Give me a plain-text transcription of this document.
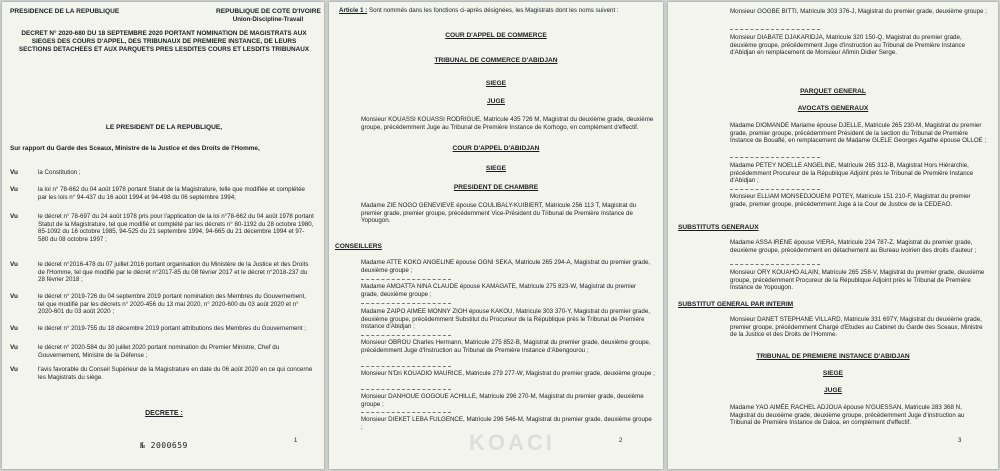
PRESIDENCE DE LA REPUBLIQUE	REPUBLIQUE DE COTE D'IVOIRE
Union-Discipline-Travail
DECRET N° 2020-680 DU 18 SEPTEMBRE 2020 PORTANT NOMINATION DE MAGISTRATS AUX SIEGES DES COURS D'APPEL, DES TRIBUNAUX DE PREMIERE INSTANCE, DE LEURS SECTIONS DETACHEES ET AUX PARQUETS PRES LESDITES COURS ET LESDITS TRIBUNAUX
LE PRESIDENT DE LA REPUBLIQUE,
Sur rapport du Garde des Sceaux, Ministre de la Justice et des Droits de l'Homme,
Vu	la Constitution ;
Vu	la loi n° 78-662 du 04 août 1978 portant Statut de la Magistrature, telle que modifiée et complétée par les lois n° 94-437 du 16 août 1994 et 94-498 du 06 septembre 1994;
Vu	le décret n° 78-697 du 24 août 1978 pris pour l'application de la loi n°78-662 du 04 août 1978 portant Statut de la Magistrature, tel que modifié et complété par les décrets n° 80-1192 du 28 octobre 1980, 85-1092 du 16 octobre 1985, 94-525 du 21 septembre 1994, 94-665 du 21 décembre 1994 et 97-580 du 08 octobre 1997 ;
Vu	le décret n°2016-478 du 07 juillet 2016 portant organisation du Ministère de la Justice et des Droits de l'Homme, tel que modifié par le décret n°2017-85 du 08 février 2017 et le décret n°2018-237 du 28 février 2018 ;
Vu	le décret n° 2019-726 du 04 septembre 2019 portant nomination des Membres du Gouvernement, tel que modifié par les décrets n° 2020-456 du 13 mai 2020, n° 2020-600 du 03 août 2020 et n° 2020-601 du 03 août 2020 ;
Vu	le décret n° 2019-755 du 18 décembre 2019 portant attributions des Membres du Gouvernement ;
Vu	le décret n° 2020-584 du 30 juillet 2020 portant nomination du Premier Ministre, Chef du Gouvernement, Ministre de la Défense ;
Vu	l'avis favorable du Conseil Supérieur de la Magistrature en date du 06 août 2020 en ce qui concerne les Magistrats du siège.
DECRETE :
№ 2000659	1
Article 1 : Sont nommés dans les fonctions ci-après désignées, les Magistrats dont les noms suivent :
COUR D'APPEL DE COMMERCE
TRIBUNAL DE COMMERCE D'ABIDJAN
SIEGE
JUGE
Monsieur KOUASSI KOUASSI RODRIGUE, Matricule 435 726 M, Magistrat du deuxième grade, deuxième groupe, précédemment Juge au Tribunal de Première Instance de Korhogo, en complément d'effectif.
COUR D'APPEL D'ABIDJAN
SIEGE
PRESIDENT DE CHAMBRE
Madame ZIE NOGO GENEVIEVE épouse COULIBALY-KUIBIERT, Matricule 256 113 T, Magistrat du premier grade, premier groupe, précédemment Vice-Président du Tribunal de Première Instance de Yopougon.
CONSEILLERS
Madame ATTE KOKO ANGELINE épouse OGNI SEKA, Matricule 265 294-A, Magistrat du premier grade, deuxième groupe ;
Madame AMOATTA NINA CLAUDE épouse KAMAGATE, Matricule 275 823-W, Magistrat du premier grade, deuxième groupe ;
Madame ZAIPO AIMEE MONNY ZIOH épouse KAKOU, Matricule 303 370-Y, Magistrat du premier grade, deuxième groupe, précédemment Substitut du Procureur de la République près le Tribunal de Première Instance d'Abidjan ;
Monsieur OBROU Charles Hermann, Matricule 275 852-B, Magistrat du premier grade, deuxième groupe, précédemment Juge d'Instruction au Tribunal de Première Instance d'Abengourou ;
Monsieur N'Dri KOUADIO MAURICE, Matricule 279 277-W, Magistrat du premier grade, deuxième groupe ;
Monsieur DANHOUE GOGOUE ACHILLE, Matricule 296 270-M, Magistrat du premier grade, deuxième groupe ;
Monsieur DIEKET LEBA FULGENCE, Matricule 296 546-M, Magistrat du premier grade, deuxième groupe ;
KOACI	2
Monsieur GOGBE BITTI, Matricule 303 376-J, Magistrat du premier grade, deuxième groupe ;
Monsieur DIABATE DJAKARIDJA, Matricule 320 150-Q, Magistrat du premier grade, deuxième groupe, précédemment Juge d'instruction au Tribunal de Première Instance d'Abidjan en remplacement de Monsieur Afimin Didier Serge.
PARQUET GENERAL
AVOCATS GENERAUX
Madame DIOMANDE Mariame épouse DJELLE, Matricule 265 230-M, Magistrat du premier grade, premier groupe, précédemment Président de la section du Tribunal de Première Instance de Bouaflé, en remplacement de Madame GLELE Georges Agathe épouse OLLOE ;
Madame PETEY NOELLE ANGELINE, Matricule 265 312-B, Magistrat Hors Hiérarchie, précédemment Procureur de la République Adjoint près le Tribunal de Première Instance d'Abidjan ;
Monsieur ELLIAM MONSEDJOUENI POTEY, Matricule 151 210-F, Magistrat du premier grade, premier groupe, précédemment Juge à la Cour de Justice de la CEDEAO.
SUBSTITUTS GENERAUX
Madame ASSA IRENE épouse VIERA, Matricule 234 787-Z, Magistrat du premier grade, deuxième groupe, précédemment en détachement au Bureau ivoirien des droits d'auteur ;
Monsieur ORY KOUAHO ALAIN, Matricule 265 258-V, Magistrat du premier grade, deuxième groupe, précédemment Procureur de la République Adjoint près le Tribunal de Première Instance de Yopougon.
SUBSTITUT GENERAL PAR INTERIM
Monsieur DANET STEPHANE VILLARD, Matricule 331 697Y, Magistrat du deuxième grade, premier groupe, précédemment Chargé d'Etudes au Cabinet du Garde des Sceaux, Ministre de la Justice et des Droits de l'Homme.
TRIBUNAL DE PREMIERE INSTANCE D'ABIDJAN
SIEGE
JUGE
Madame YAO AIMÉE RACHEL ADJOUA épouse N'GUESSAN, Matricule 283 368 N, Magistrat du deuxième grade, deuxième groupe, précédemment Juge d'instruction au Tribunal de Première Instance de Daloa, en complément d'effectif.
3
